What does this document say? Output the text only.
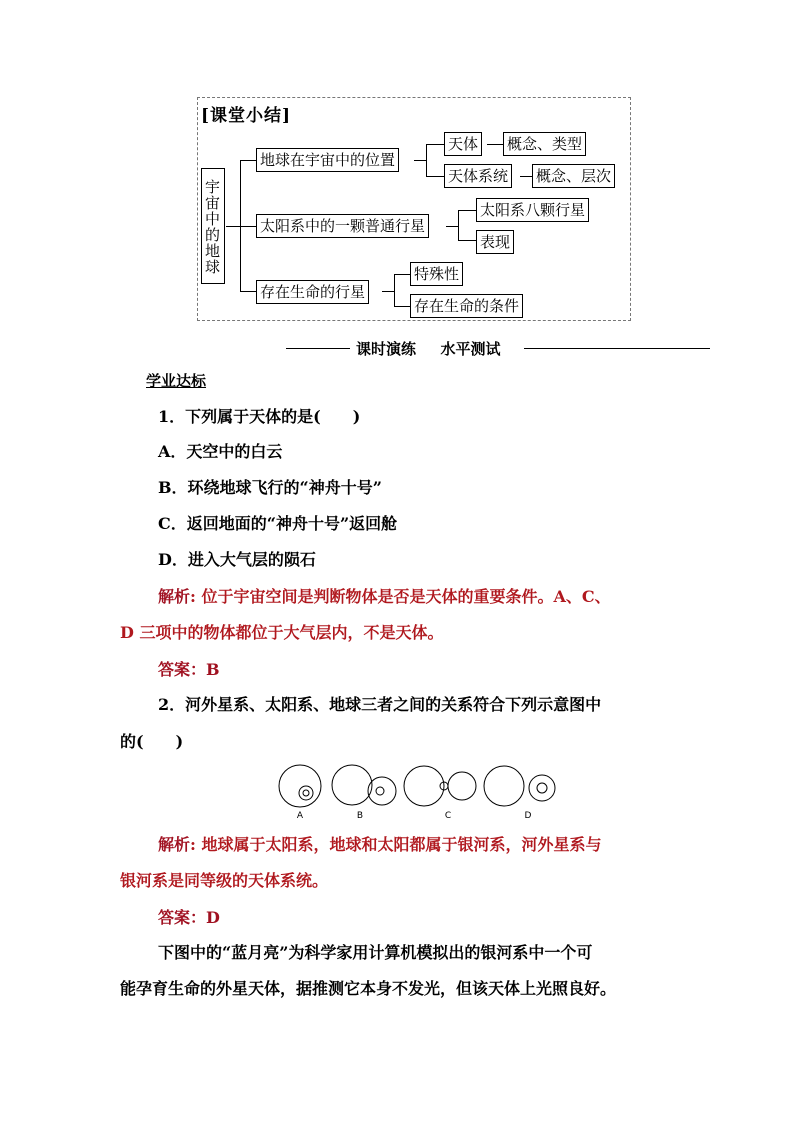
[课堂小结]
宇宙中的地球
地球在宇宙中的位置
太阳系中的一颗普通行星
存在生命的行星
天体 概念、类型
天体系统 概念、层次
太阳系八颗行星
表现
特殊性
存在生命的条件
课时演练 水平测试
学业达标
1．下列属于天体的是(　　)
A．天空中的白云
B．环绕地球飞行的“神舟十号”
C．返回地面的“神舟十号”返回舱
D．进入大气层的陨石
解析: 位于宇宙空间是判断物体是否是天体的重要条件。A、C、
D 三项中的物体都位于大气层内，不是天体。
答案：B
2．河外星系、太阳系、地球三者之间的关系符合下列示意图中
的(　　)
A	B	C	D
解析: 地球属于太阳系，地球和太阳都属于银河系，河外星系与
银河系是同等级的天体系统。
答案：D
下图中的“蓝月亮”为科学家用计算机模拟出的银河系中一个可
能孕育生命的外星天体，据推测它本身不发光，但该天体上光照良好。
